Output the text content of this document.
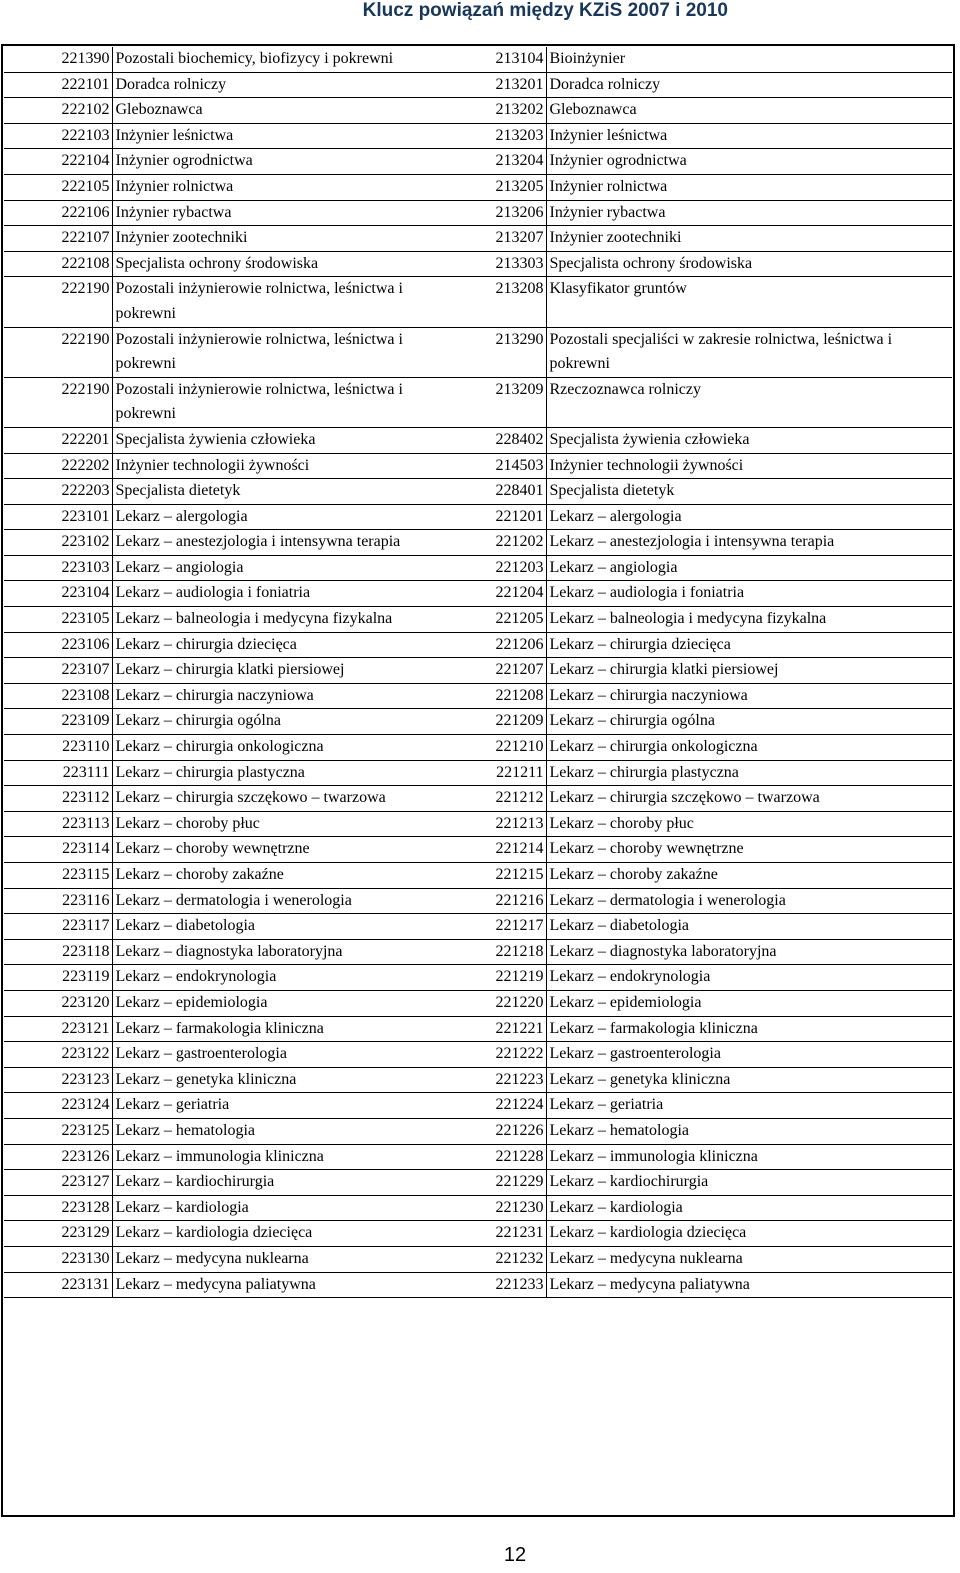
Klucz powiązań między KZiS 2007 i 2010
221390	Pozostali biochemicy, biofizycy i pokrewni	213104	Bioinżynier
222101	Doradca rolniczy	213201	Doradca rolniczy
222102	Gleboznawca	213202	Gleboznawca
222103	Inżynier leśnictwa	213203	Inżynier leśnictwa
222104	Inżynier ogrodnictwa	213204	Inżynier ogrodnictwa
222105	Inżynier rolnictwa	213205	Inżynier rolnictwa
222106	Inżynier rybactwa	213206	Inżynier rybactwa
222107	Inżynier zootechniki	213207	Inżynier zootechniki
222108	Specjalista ochrony środowiska	213303	Specjalista ochrony środowiska
222190	Pozostali inżynierowie rolnictwa, leśnictwa i pokrewni	213208	Klasyfikator gruntów
222190	Pozostali inżynierowie rolnictwa, leśnictwa i pokrewni	213290	Pozostali specjaliści w zakresie rolnictwa, leśnictwa i pokrewni
222190	Pozostali inżynierowie rolnictwa, leśnictwa i pokrewni	213209	Rzeczoznawca rolniczy
222201	Specjalista żywienia człowieka	228402	Specjalista żywienia człowieka
222202	Inżynier technologii żywności	214503	Inżynier technologii żywności
222203	Specjalista dietetyk	228401	Specjalista dietetyk
223101	Lekarz – alergologia	221201	Lekarz – alergologia
223102	Lekarz – anestezjologia i intensywna terapia	221202	Lekarz – anestezjologia i intensywna terapia
223103	Lekarz – angiologia	221203	Lekarz – angiologia
223104	Lekarz – audiologia i foniatria	221204	Lekarz – audiologia i foniatria
223105	Lekarz – balneologia i medycyna fizykalna	221205	Lekarz – balneologia i medycyna fizykalna
223106	Lekarz – chirurgia dziecięca	221206	Lekarz – chirurgia dziecięca
223107	Lekarz – chirurgia klatki piersiowej	221207	Lekarz – chirurgia klatki piersiowej
223108	Lekarz – chirurgia naczyniowa	221208	Lekarz – chirurgia naczyniowa
223109	Lekarz – chirurgia ogólna	221209	Lekarz – chirurgia ogólna
223110	Lekarz – chirurgia onkologiczna	221210	Lekarz – chirurgia onkologiczna
223111	Lekarz – chirurgia plastyczna	221211	Lekarz – chirurgia plastyczna
223112	Lekarz – chirurgia szczękowo – twarzowa	221212	Lekarz – chirurgia szczękowo – twarzowa
223113	Lekarz – choroby płuc	221213	Lekarz – choroby płuc
223114	Lekarz – choroby wewnętrzne	221214	Lekarz – choroby wewnętrzne
223115	Lekarz – choroby zakaźne	221215	Lekarz – choroby zakaźne
223116	Lekarz – dermatologia i wenerologia	221216	Lekarz – dermatologia i wenerologia
223117	Lekarz – diabetologia	221217	Lekarz – diabetologia
223118	Lekarz – diagnostyka laboratoryjna	221218	Lekarz – diagnostyka laboratoryjna
223119	Lekarz – endokrynologia	221219	Lekarz – endokrynologia
223120	Lekarz – epidemiologia	221220	Lekarz – epidemiologia
223121	Lekarz – farmakologia kliniczna	221221	Lekarz – farmakologia kliniczna
223122	Lekarz – gastroenterologia	221222	Lekarz – gastroenterologia
223123	Lekarz – genetyka kliniczna	221223	Lekarz – genetyka kliniczna
223124	Lekarz – geriatria	221224	Lekarz – geriatria
223125	Lekarz – hematologia	221226	Lekarz – hematologia
223126	Lekarz – immunologia kliniczna	221228	Lekarz – immunologia kliniczna
223127	Lekarz – kardiochirurgia	221229	Lekarz – kardiochirurgia
223128	Lekarz – kardiologia	221230	Lekarz – kardiologia
223129	Lekarz – kardiologia dziecięca	221231	Lekarz – kardiologia dziecięca
223130	Lekarz – medycyna nuklearna	221232	Lekarz – medycyna nuklearna
223131	Lekarz – medycyna paliatywna	221233	Lekarz – medycyna paliatywna
12
